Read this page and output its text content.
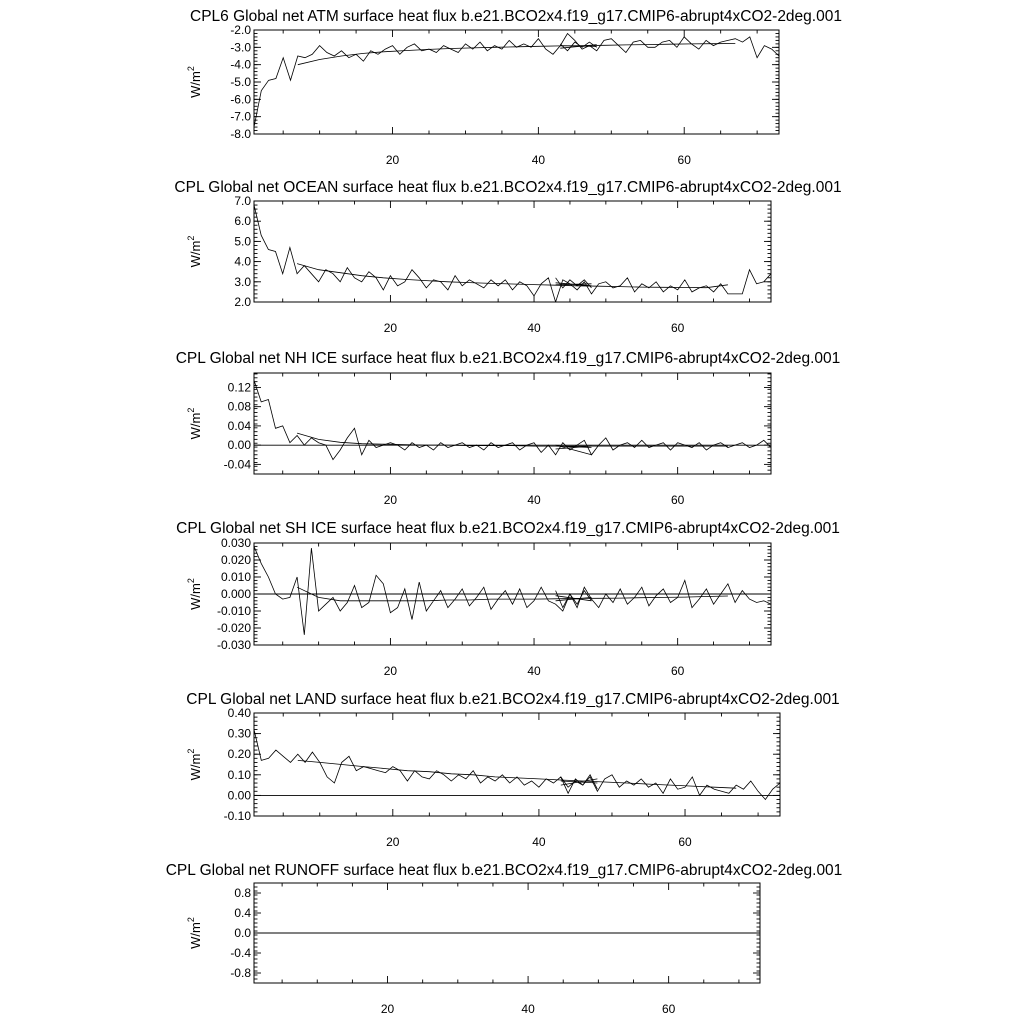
CPL6 Global net ATM surface heat flux b.e21.BCO2x4.f19_g17.CMIP6-abrupt4xCO2-2deg.001
-2.0
-3.0
-4.0
-5.0
-6.0
-7.0
-8.0
20	40	60
$W/m^2$
CPL Global net OCEAN surface heat flux b.e21.BCO2x4.f19_g17.CMIP6-abrupt4xCO2-2deg.001
2.0
3.0
4.0
5.0
6.0
7.0
20	40	60
$W/m^2$
CPL Global net NH ICE surface heat flux b.e21.BCO2x4.f19_g17.CMIP6-abrupt4xCO2-2deg.001
0.12
0.08
0.04
0.00
-0.04
20	40	60
$W/m^2$
CPL Global net SH ICE surface heat flux b.e21.BCO2x4.f19_g17.CMIP6-abrupt4xCO2-2deg.001
0.030
0.020
0.010
0.000
-0.010
-0.020
-0.030
20	40	60
$W/m^2$
CPL Global net LAND surface heat flux b.e21.BCO2x4.f19_g17.CMIP6-abrupt4xCO2-2deg.001
0.40
0.30
0.20
0.10
0.00
-0.10
20	40	60
$W/m^2$
CPL Global net RUNOFF surface heat flux b.e21.BCO2x4.f19_g17.CMIP6-abrupt4xCO2-2deg.001
0.8
0.4
0.0
-0.4
-0.8
20	40	60
$W/m^2$
